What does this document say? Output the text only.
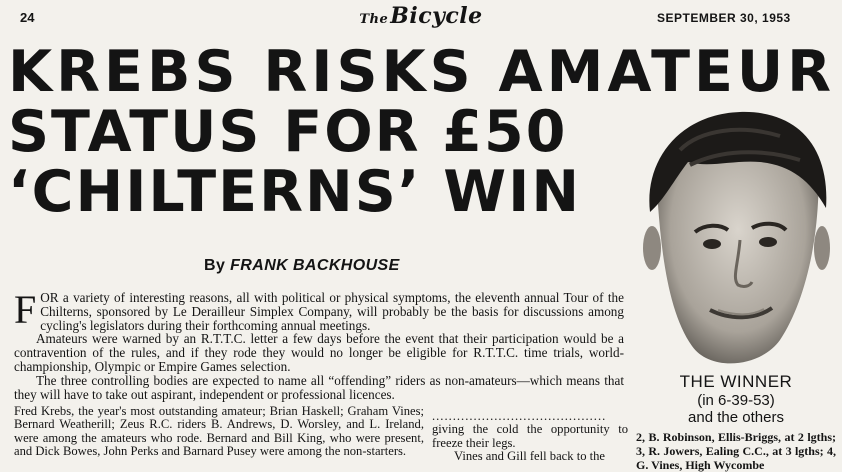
24	TheBicycle	SEPTEMBER 30, 1953
KREBS RISKS AMATEUR
STATUS FOR £50
‘CHILTERNS’ WIN
By FRANK BACKHOUSE

FOR a variety of interesting reasons, all with political or physical symptoms, the eleventh annual Tour of the Chilterns, sponsored by Le Derailleur Simplex Company, will probably be the basis for discussions among cycling's legislators during their forthcoming annual meetings.

Amateurs were warned by an R.T.T.C. letter a few days before the event that their participation would be a contravention of the rules, and if they rode they would no longer be eligible for R.T.T.C. time trials, world-championship, Olympic or Empire Games selection.

The three controlling bodies are expected to name all “offending” riders as non-amateurs—which means that they will have to take out aspirant, independent or professional licences.

Fred Krebs, the year's most outstanding amateur; Brian Haskell; Graham Vines; Bernard Weatherill; Zeus R.C. riders B. Andrews, D. Worsley, and L. Ireland, were among the amateurs who rode. Bernard and Bill King, who were present, and Dick Bowes, John Perks and Barnard Pusey were among the non-starters.
..........................................

giving the cold the opportunity to freeze their legs.

Vines and Gill fell back to the

THE WINNER
(in 6-39-53)
and the others
2, B. Robinson, Ellis-Briggs, at 2 lgths; 3, R. Jowers, Ealing C.C., at 3 lgths; 4, G. Vines, High Wycombe
